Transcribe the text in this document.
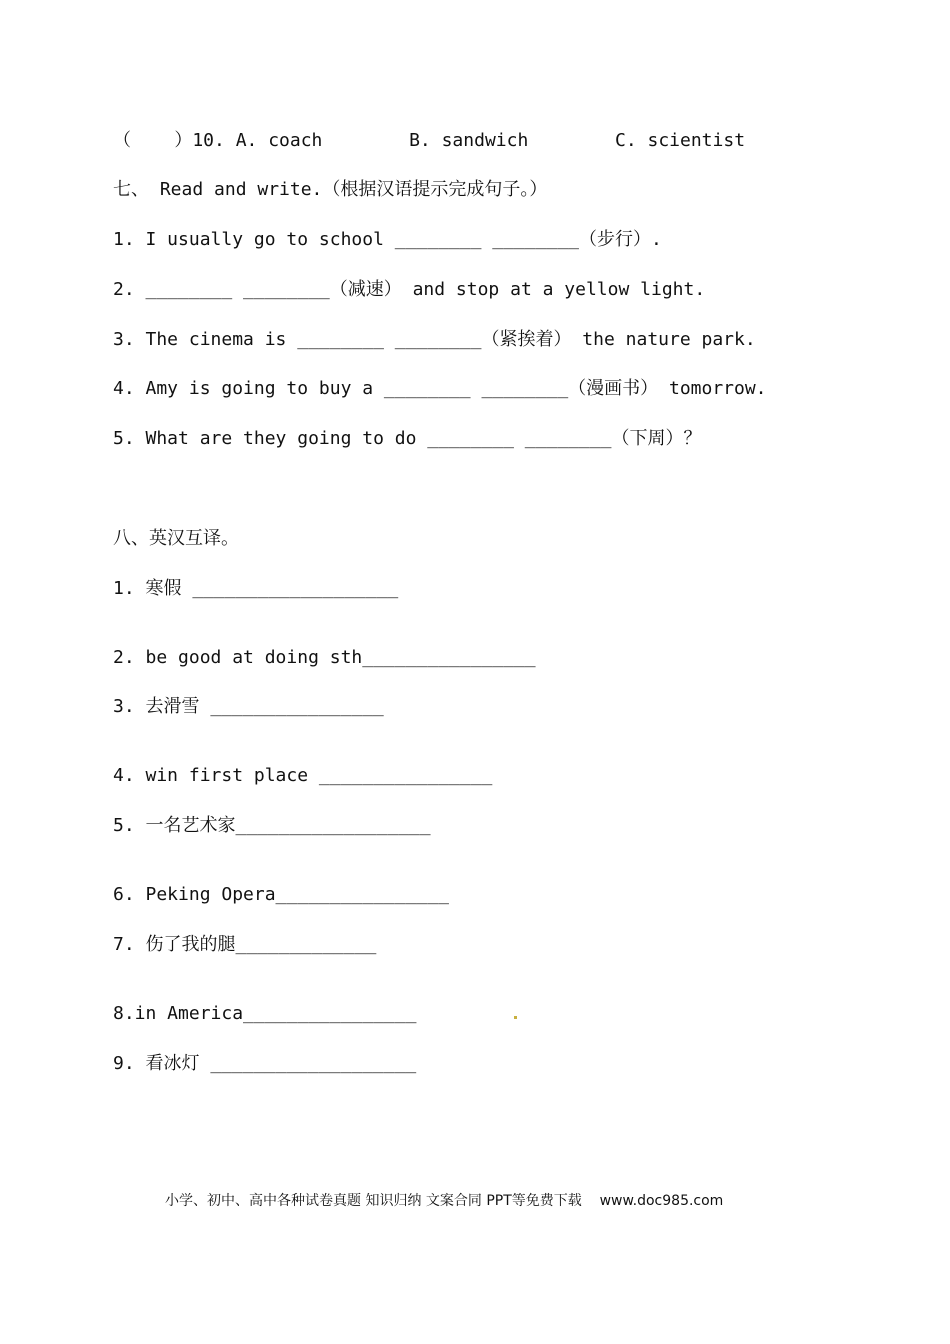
（    ）10. A. coach        B. sandwich        C. scientist
七、 Read and write.（根据汉语提示完成句子。）
1. I usually go to school ________ ________（步行）.
2. ________ ________（减速） and stop at a yellow light.
3. The cinema is ________ ________（紧挨着） the nature park.
4. Amy is going to buy a ________ ________（漫画书） tomorrow.
5. What are they going to do ________ ________（下周）？
八、英汉互译。
1. 寒假 ___________________
2. be good at doing sth________________
3. 去滑雪 ________________
4. win first place ________________
5. 一名艺术家__________________
6. Peking Opera________________
7. 伤了我的腿_____________
8.in America________________
9. 看冰灯 ___________________
小学、初中、高中各种试卷真题 知识归纳 文案合同 PPT等免费下载    www.doc985.com
